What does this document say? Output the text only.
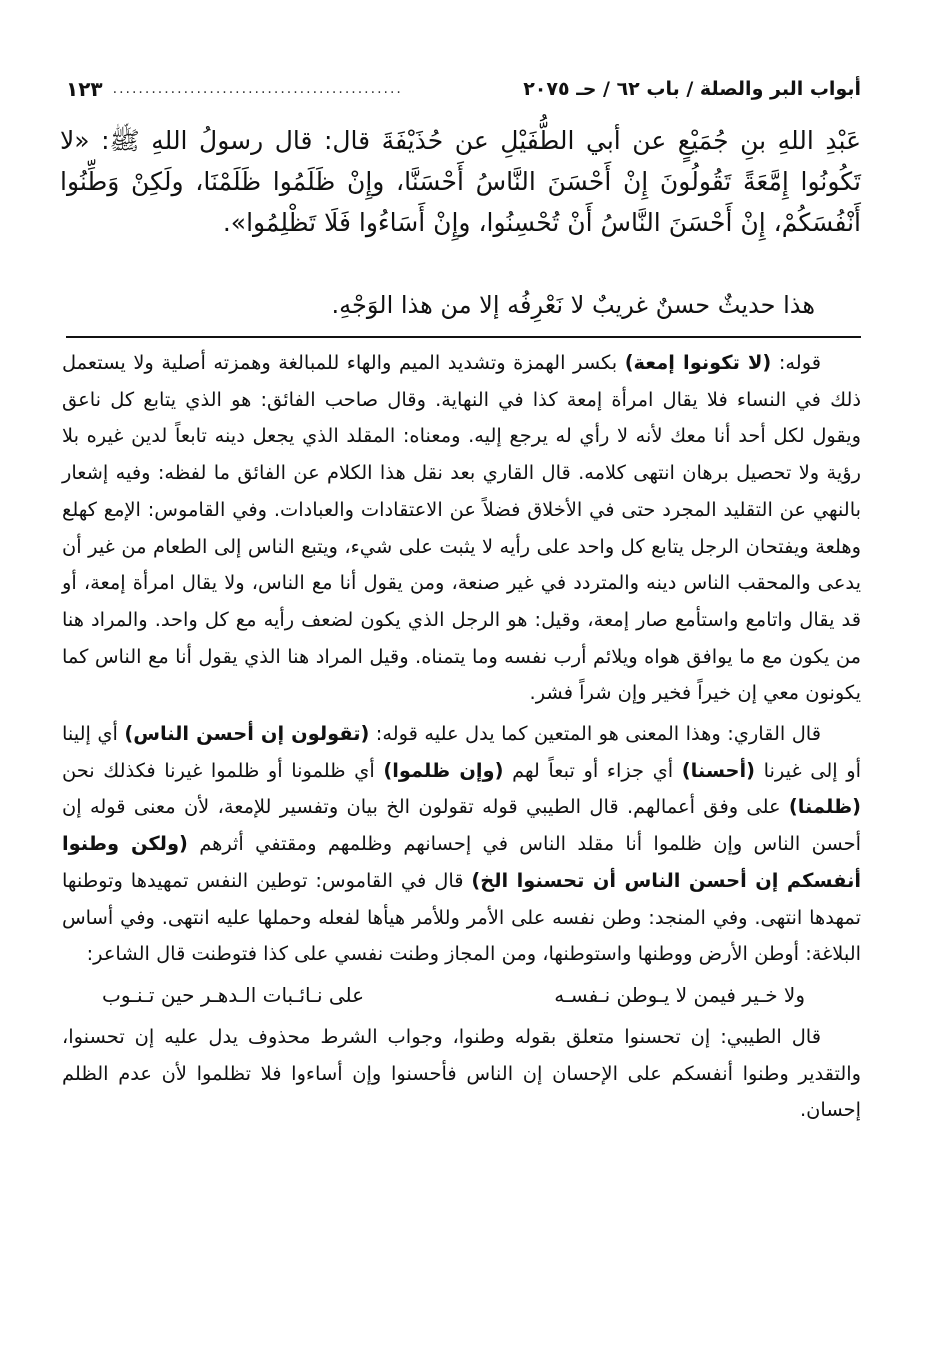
أبواب البر والصلة / باب ٦٢ / حـ ٢٠٧٥
.............................................
١٢٣
عَبْدِ اللهِ بنِ جُمَيْعٍ عن أبي الطُّفَيْلِ عن حُذَيْفَةَ قال: قال رسولُ اللهِ ﷺ: «لا تَكُونُوا إِمَّعَةً تَقُولُونَ إِنْ أَحْسَنَ النَّاسُ أَحْسَنَّا، وإِنْ ظَلَمُوا ظَلَمْنَا، ولَكِنْ وَطِّنُوا أَنْفُسَكُمْ، إِنْ أَحْسَنَ النَّاسُ أَنْ تُحْسِنُوا، وإِنْ أَسَاءُوا فَلَا تَظْلِمُوا».
هذا حديثٌ حسنٌ غريبٌ لا نَعْرِفُه إلا من هذا الوَجْهِ.

قوله: (لا تكونوا إمعة) بكسر الهمزة وتشديد الميم والهاء للمبالغة وهمزته أصلية ولا يستعمل ذلك في النساء فلا يقال امرأة إمعة كذا في النهاية. وقال صاحب الفائق: هو الذي يتابع كل ناعق ويقول لكل أحد أنا معك لأنه لا رأي له يرجع إليه. ومعناه: المقلد الذي يجعل دينه تابعاً لدين غيره بلا رؤية ولا تحصيل برهان انتهى كلامه. قال القاري بعد نقل هذا الكلام عن الفائق ما لفظه: وفيه إشعار بالنهي عن التقليد المجرد حتى في الأخلاق فضلاً عن الاعتقادات والعبادات. وفي القاموس: الإمع كهلع وهلعة ويفتحان الرجل يتابع كل واحد على رأيه لا يثبت على شيء، ويتبع الناس إلى الطعام من غير أن يدعى والمحقب الناس دينه والمتردد في غير صنعة، ومن يقول أنا مع الناس، ولا يقال امرأة إمعة، أو قد يقال واتامع واستأمع صار إمعة، وقيل: هو الرجل الذي يكون لضعف رأيه مع كل واحد. والمراد هنا من يكون مع ما يوافق هواه ويلائم أرب نفسه وما يتمناه. وقيل المراد هنا الذي يقول أنا مع الناس كما يكونون معي إن خيراً فخير وإن شراً فشر.

قال القاري: وهذا المعنى هو المتعين كما يدل عليه قوله: (تقولون إن أحسن الناس) أي إلينا أو إلى غيرنا (أحسنا) أي جزاء أو تبعاً لهم (وإن ظلموا) أي ظلمونا أو ظلموا غيرنا فكذلك نحن (ظلمنا) على وفق أعمالهم. قال الطيبي قوله تقولون الخ بيان وتفسير للإمعة، لأن معنى قوله إن أحسن الناس وإن ظلموا أنا مقلد الناس في إحسانهم وظلمهم ومقتفي أثرهم (ولكن وطنوا أنفسكم إن أحسن الناس أن تحسنوا الخ) قال في القاموس: توطين النفس تمهيدها وتوطنها تمهدها انتهى. وفي المنجد: وطن نفسه على الأمر وللأمر هيأها لفعله وحملها عليه انتهى. وفي أساس البلاغة: أوطن الأرض ووطنها واستوطنها، ومن المجاز وطنت نفسي على كذا فتوطنت قال الشاعر:

ولا خـير فيمن لا يـوطن نـفسـه
على نـائـبات الـدهـر حين تـنـوب

قال الطيبي: إن تحسنوا متعلق بقوله وطنوا، وجواب الشرط محذوف يدل عليه إن تحسنوا، والتقدير وطنوا أنفسكم على الإحسان إن الناس فأحسنوا وإن أساءوا فلا تظلموا لأن عدم الظلم إحسان.
